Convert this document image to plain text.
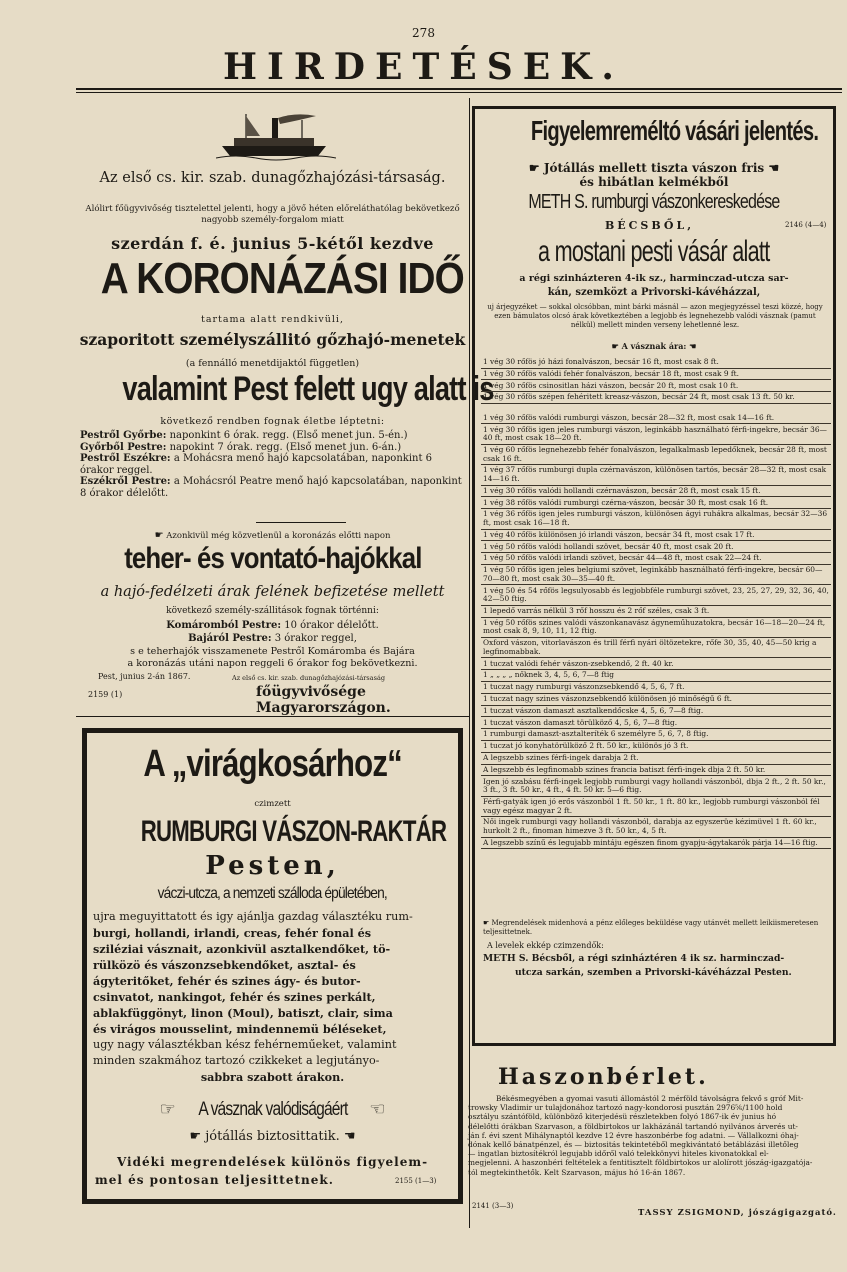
278
HIRDETÉSEK.
Az első cs. kir. szab. dunagőzhajózási-társaság.
Alólirt főügyvivőség tisztelettel jelenti, hogy a jövő héten előreláthatólag bekövetkező nagyobb személy-forgalom miatt
szerdán f. é. junius 5-kétől kezdve
A KORONÁZÁSI IDŐ
tartama alatt rendkivüli,
szaporitott személyszállitó gőzhajó-menetek
(a fennálló menetdijaktól független)
valamint Pest felett ugy alatt is
következő rendben fognak életbe léptetni:
Pestről Győrbe: naponkint 6 órak. regg. (Első menet jun. 5-én.)
Győrből Pestre: napokint 7 órak. regg. (Első menet jun. 6-án.)
Pestről Eszékre: a Mohácsra menő hajó kapcsolatában, naponkint 6 órakor reggel.
Eszékről Pestre: a Mohácsról Peatre menő hajó kapcsolatában, naponkint 8 órakor délelőtt.
☛ Azonkivül még közvetlenül a koronázás előtti napon
teher- és vontató-hajókkal
a hajó-fedélzeti árak felének befizetése mellett
következő személy-szállitások fognak történni:
Komáromból Pestre: 10 órakor délelőtt.
Bajáról Pestre: 3 órakor reggel,
s e teherhajók visszamenete Pestről Komáromba és Bajára
a koronázás utáni napon reggeli 6 órakor fog bekövetkezni.
Pest, junius 2-án 1867.	Az első cs. kir. szab. dunagőzhajózási-társaság
2159 (1)	főügyvivősége Magyarországon.
A „virágkosárhoz“
czimzett
RUMBURGI VÁSZON-RAKTÁR
Pesten,
váczi-utcza, a nemzeti szálloda épületében,
ujra meguyittatott és igy ajánlja gazdag választéku rum-
burgi, hollandi, irlandi, creas, fehér fonal és
sziléziai vásznait, azonkivül asztalkendőket, tö-
rülközö és vászonzsebkendőket, asztal- és
ágyteritőket, fehér és szines ágy- és butor-
csinvatot, nankingot, fehér és szines perkált,
ablakfüggönyt, linon (Moul), batiszt, clair, sima
és virágos mousselint, mindennemü béléseket,
ugy nagy választékban kész fehérneműeket, valamint
minden szakmához tartozó czikkeket a legjutányo-
sabbra szabott árakon.
☞ A vásznak valódiságáért ☜
☛ jótállás biztosittatik. ☚
Vidéki megrendelések különös figyelem-
mel és pontosan teljesittetnek.	2155 (1—3)
Figyelemreméltó vásári jelentés.
☛ Jótállás mellett tiszta vászon fris ☚
és hibátlan kelmékből
METH S. rumburgi vászonkereskedése
BÉCSBŐL,	2146 (4—4)
a mostani pesti vásár alatt
a régi szinházteren 4-ik sz., harminczad-utcza sar-
kán, szemközt a Privorski-kávéházzal,
uj árjegyzéket — sokkal olcsóbban, mint bárki másnál — azon megjegyzéssel teszi közzé, hogy ezen bámulatos olcsó árak következtében a legjobb és legnehezebb valódi vásznak (pamut nélkül) mellett minden verseny lehetlenné lesz.
☛ A vásznak ára: ☚
1 vég 30 rőfös jó házi fonalvászon, becsár 16 ft, most csak 8 ft.
1 vég 30 rőfös valódi fehér fonalvászon, becsár 18 ft, most csak 9 ft.
1 vég 30 rőfös csinositlan házi vászon, becsár 20 ft, most csak 10 ft.
1 vég 30 rőfös szépen fehéritett kreasz-vászon, becsár 24 ft, most csak 13 ft. 50 kr.
1 vég 30 rőfös valódi rumburgi vászon, becsár 28—32 ft, most csak 14—16 ft.
1 vég 30 rőfös igen jeles rumburgi vászon, leginkább használható férfi-ingekre, becsár 36—40 ft, most csak 18—20 ft.
1 vég 60 rőfös legnehezebb fehér fonalvászon, legalkalmasb lepedőknek, becsár 28 ft, most csak 16 ft.
1 vég 37 rőfös rumburgi dupla czérnavászon, különösen tartós, becsár 28—32 ft, most csak 14—16 ft.
1 vég 30 rőfös valódi hollandi czérnavászon, becsár 28 ft, most csak 15 ft.
1 vég 38 rőfös valódi rumburgi czérna-vászon, becsár 30 ft, most csak 16 ft.
1 vég 36 rőfös igen jeles rumburgi vászon, különösen ágyi ruhákra alkalmas, becsár 32—36 ft, most csak 16—18 ft.
1 vég 40 rőfös különösen jó irlandi vászon, becsár 34 ft, most csak 17 ft.
1 vég 50 rőfös valódi hollandi szövet, becsár 40 ft, most csak 20 ft.
1 vég 50 rőfös valódi irlandi szövet, becsár 44—48 ft, most csak 22—24 ft.
1 vég 50 rőfös igen jeles belgiumi szövet, leginkább használható férfi-ingekre, becsár 60—70—80 ft, most csak 30—35—40 ft.
1 vég 50 és 54 rőfös legsulyosabb és legjobbféle rumburgi szövet, 23, 25, 27, 29, 32, 36, 40, 42—50 ftig.
1 lepedő varrás nélkül 3 rőf hosszu és 2 rőf széles, csak 3 ft.
1 vég 50 rőfös szines valódi vászonkanavász ágyneműhuzatokra, becsár 16—18—20—24 ft, most csak 8, 9, 10, 11, 12 ftig.
Oxford vászon, vitorlavászon és trill férfi nyári öltözetekre, rőfe 30, 35, 40, 45—50 krig a legfinomabbak.
1 tuczat valódi fehér vászon-zsebkendő, 2 ft. 40 kr.
1 „ „ „ „ nőknek 3, 4, 5, 6, 7—8 ftig
1 tuczat nagy rumburgi vászonzsebkendő 4, 5, 6, 7 ft.
1 tuczat nagy szines vászonzsebkendő különösen jó minőségű 6 ft.
1 tuczat vászon damaszt asztalkendőcske 4, 5, 6, 7—8 ftig.
1 tuczat vászon damaszt törülköző 4, 5, 6, 7—8 ftig.
1 rumburgi damaszt-asztalteríték 6 személyre 5, 6, 7, 8 ftig.
1 tuczat jó konyhatörülköző 2 ft. 50 kr., különös jó 3 ft.
A legszebb szines férfi-ingek darabja 2 ft.
A legszebb és legfinomabb szines francia batiszt férfi-ingek dbja 2 ft. 50 kr.
Igen jó szabásu férfi-ingek legjobb rumburgi vagy hollandi vászonból, dbja 2 ft., 2 ft. 50 kr., 3 ft., 3 ft. 50 kr., 4 ft., 4 ft. 50 kr. 5—6 ftig.
Férfi-gatyák igen jó erős vászonból 1 ft. 50 kr., 1 ft. 80 kr., legjobb rumburgi vászonból fél vagy egész magyar 2 ft.
Női ingek rumburgi vagy hollandi vászonból, darabja az egyszerüe kézimüvel 1 ft. 60 kr., hurkolt 2 ft., finoman himezve 3 ft. 50 kr., 4, 5 ft.
A legszebb színű és legujabb mintáju egészen finom gyapju-ágytakarók párja 14—16 ftig.
☛ Megrendelések midenhová a pénz előleges beküldése vagy utánvét mellett leikiismeretesen teljesittetnek.
A levelek ekkép czimzendők:
METH S. Bécsből, a régi szinháztéren 4 ik sz. harminczad-
utcza sarkán, szemben a Privorski-kávéházzal Pesten.
Haszonbérlet.
Békésmegyében a gyomai vasuti állomástól 2 mérföld távolságra fekvő s gróf Mit-
trowsky Vladimir ur tulajdonához tartozó nagy-kondorosi pusztán 2976⅚/1100 hold
osztályu szántóföld, különböző kiterjedésü részletekben folyó 1867-ik év junius hó
délelőtti órákban Szarvason, a földbirtokos ur lakházánál tartandó nyilvános árverés ut-
ján f. évi szent Mihálynaptól kezdve 12 évre haszonbérbe fog adatni. — Vállalkozni óhaj-
dónak kellő bánatpénzel, és — biztositás tekintetéből megkivántató betáblázási illetőleg
— ingatlan biztosítékról legujabb időről való telekkönyvi hiteles kivonatokkal el-
megjelenni. A haszonbéri feltételek a fentitisztelt földbirtokos ur alolírott jószág-igazgatója-
tól megtekinthetők. Kelt Szarvason, május hó 16-án 1867.
2141 (3—3)
TASSY ZSIGMOND, jószágigazgató.
